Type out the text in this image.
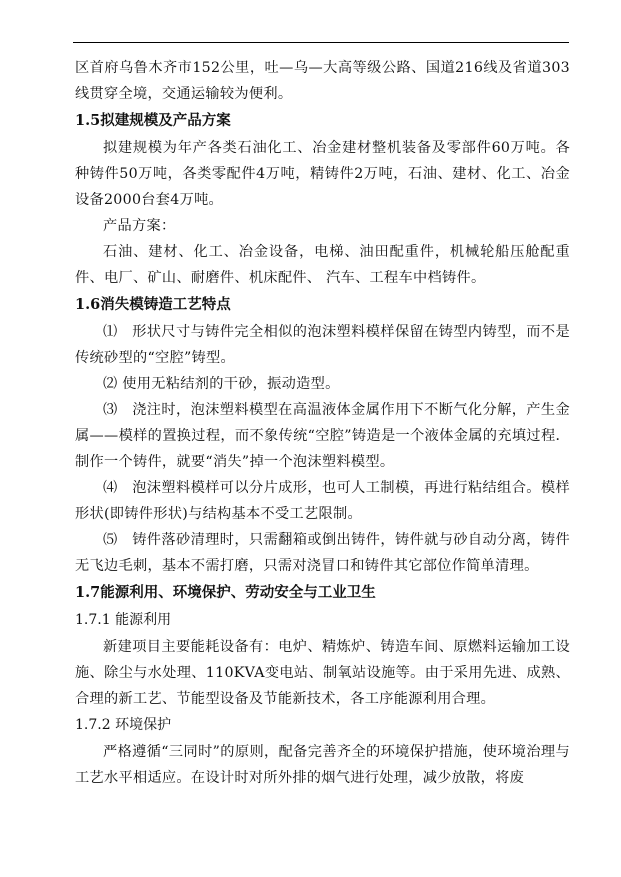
区首府乌鲁木齐市152公里，吐—乌—大高等级公路、国道216线及省道303线贯穿全境，交通运输较为便利。

1.5拟建规模及产品方案

拟建规模为年产各类石油化工、冶金建材整机装备及零部件60万吨。各种铸件50万吨，各类零配件4万吨，精铸件2万吨，石油、建材、化工、冶金设备2000台套4万吨。

产品方案：

石油、建材、化工、冶金设备，电梯、油田配重件，机械轮船压舱配重件、电厂、矿山、耐磨件、机床配件、 汽车、工程车中档铸件。

1.6消失模铸造工艺特点

⑴　形状尺寸与铸件完全相似的泡沫塑料模样保留在铸型内铸型，而不是传统砂型的“空腔”铸型。

⑵ 使用无粘结剂的干砂，振动造型。

⑶　浇注时，泡沫塑料模型在高温液体金属作用下不断气化分解，产生金属——模样的置换过程，而不象传统“空腔”铸造是一个液体金属的充填过程．制作一个铸件，就要“消失”掉一个泡沫塑料模型。

⑷　泡沫塑料模样可以分片成形，也可人工制模，再进行粘结组合。模样形状(即铸件形状)与结构基本不受工艺限制。

⑸　铸件落砂清理时，只需翻箱或倒出铸件，铸件就与砂自动分离，铸件无飞边毛刺，基本不需打磨，只需对浇冒口和铸件其它部位作简单清理。

1.7能源利用、环境保护、劳动安全与工业卫生

1.7.1 能源利用

新建项目主要能耗设备有：电炉、精炼炉、铸造车间、原燃料运输加工设施、除尘与水处理、110KVA变电站、制氧站设施等。由于采用先进、成熟、合理的新工艺、节能型设备及节能新技术，各工序能源利用合理。

1.7.2 环境保护

严格遵循“三同时”的原则，配备完善齐全的环境保护措施，使环境治理与工艺水平相适应。在设计时对所外排的烟气进行处理，减少放散，将废
